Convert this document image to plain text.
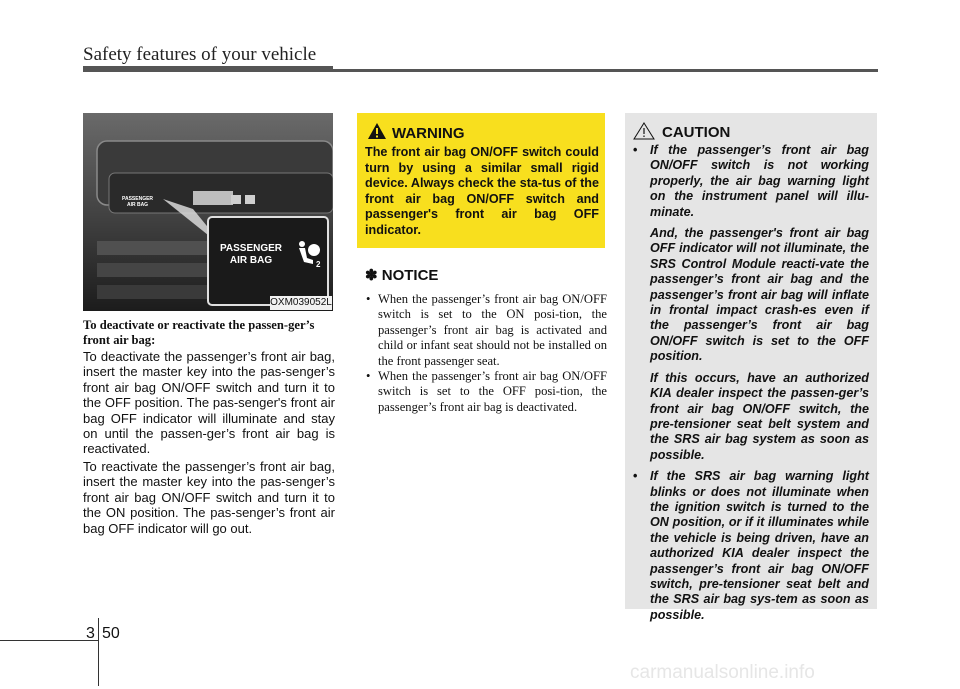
Safety features of your vehicle
PASSENGER
AIR BAG
PASSENGER
AIR BAG	2
OXM039052L
To deactivate or reactivate the passen-ger’s front air bag:
To deactivate the passenger’s front air bag, insert the master key into the pas-senger’s front air bag ON/OFF switch and turn it to the OFF position. The pas-senger's front air bag OFF indicator will illuminate and stay on until the passen-ger’s front air bag is reactivated.
To reactivate the passenger’s front air bag, insert the master key into the pas-senger’s front air bag ON/OFF switch and turn it to the ON position. The pas-senger’s front air bag OFF indicator will go out.
WARNING
The front air bag ON/OFF switch could turn by using a similar small rigid device. Always check the sta-tus of the front air bag ON/OFF switch and passenger's front air bag OFF indicator.
✽ NOTICE
• When the passenger’s front air bag ON/OFF switch is set to the ON posi-tion, the passenger’s front air bag is activated and child or infant seat should not be installed on the front passenger seat.
• When the passenger’s front air bag ON/OFF switch is set to the OFF posi-tion, the passenger’s front air bag is deactivated.
CAUTION
• If the passenger’s front air bag ON/OFF switch is not working properly, the air bag warning light on the instrument panel will illu-minate.

And, the passenger's front air bag OFF indicator will not illuminate, the SRS Control Module reacti-vate the passenger’s front air bag and the passenger’s front air bag will inflate in frontal impact crash-es even if the passenger’s front air bag ON/OFF switch is set to the OFF position.

If this occurs, have an authorized KIA dealer inspect the passen-ger’s front air bag ON/OFF switch, the pre-tensioner seat belt system and the SRS air bag system as soon as possible.

• If the SRS air bag warning light blinks or does not illuminate when the ignition switch is turned to the ON position, or if it illuminates while the vehicle is being driven, have an authorized KIA dealer inspect the passenger’s front air bag ON/OFF switch, pre-tensioner seat belt and the SRS air bag sys-tem as soon as possible.

3 50
carmanualsonline.info
